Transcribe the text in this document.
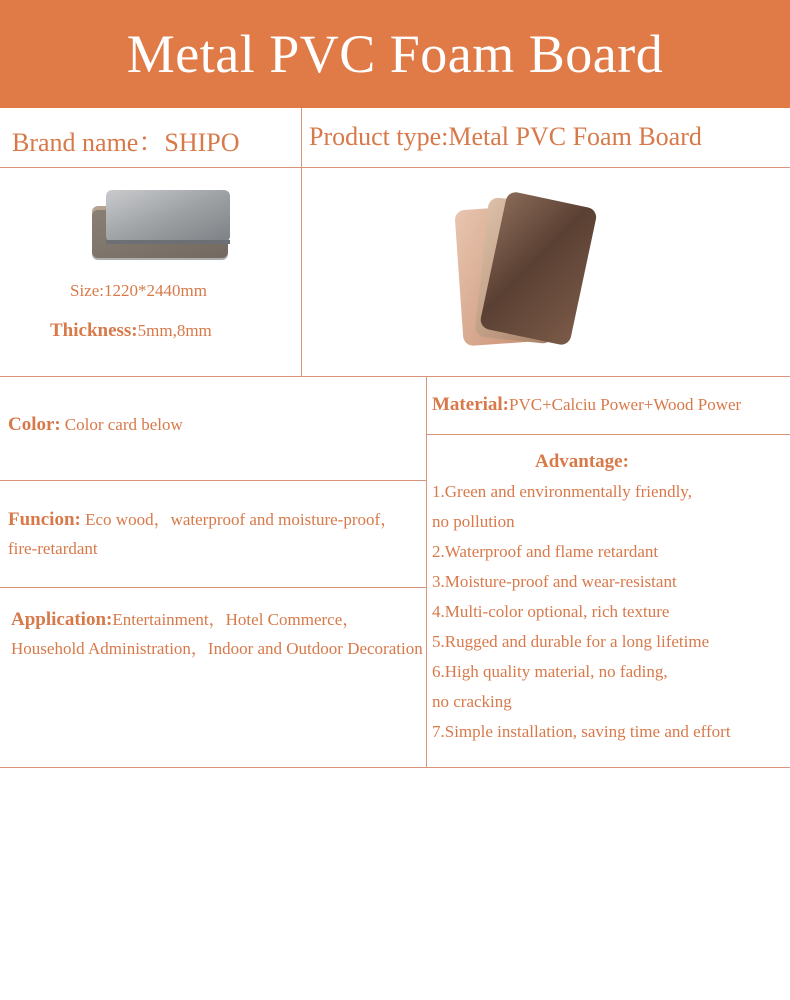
Metal PVC Foam Board
Brand name：SHIPO	Product type:Metal PVC Foam Board
Size:1220*2440mm
Thickness:5mm,8mm
Color: Color card below
Material:PVC+Calciu Power+Wood Power
Funcion: Eco wood，waterproof and moisture-proof，fire-retardant
Application:Entertainment，Hotel Commerce，Household Administration，Indoor and Outdoor Decoration
Advantage:
1.Green and environmentally friendly,
no pollution
2.Waterproof and flame retardant
3.Moisture-proof and wear-resistant
4.Multi-color optional, rich texture
5.Rugged and durable for a long lifetime
6.High quality material, no fading,
no cracking
7.Simple installation, saving time and effort
